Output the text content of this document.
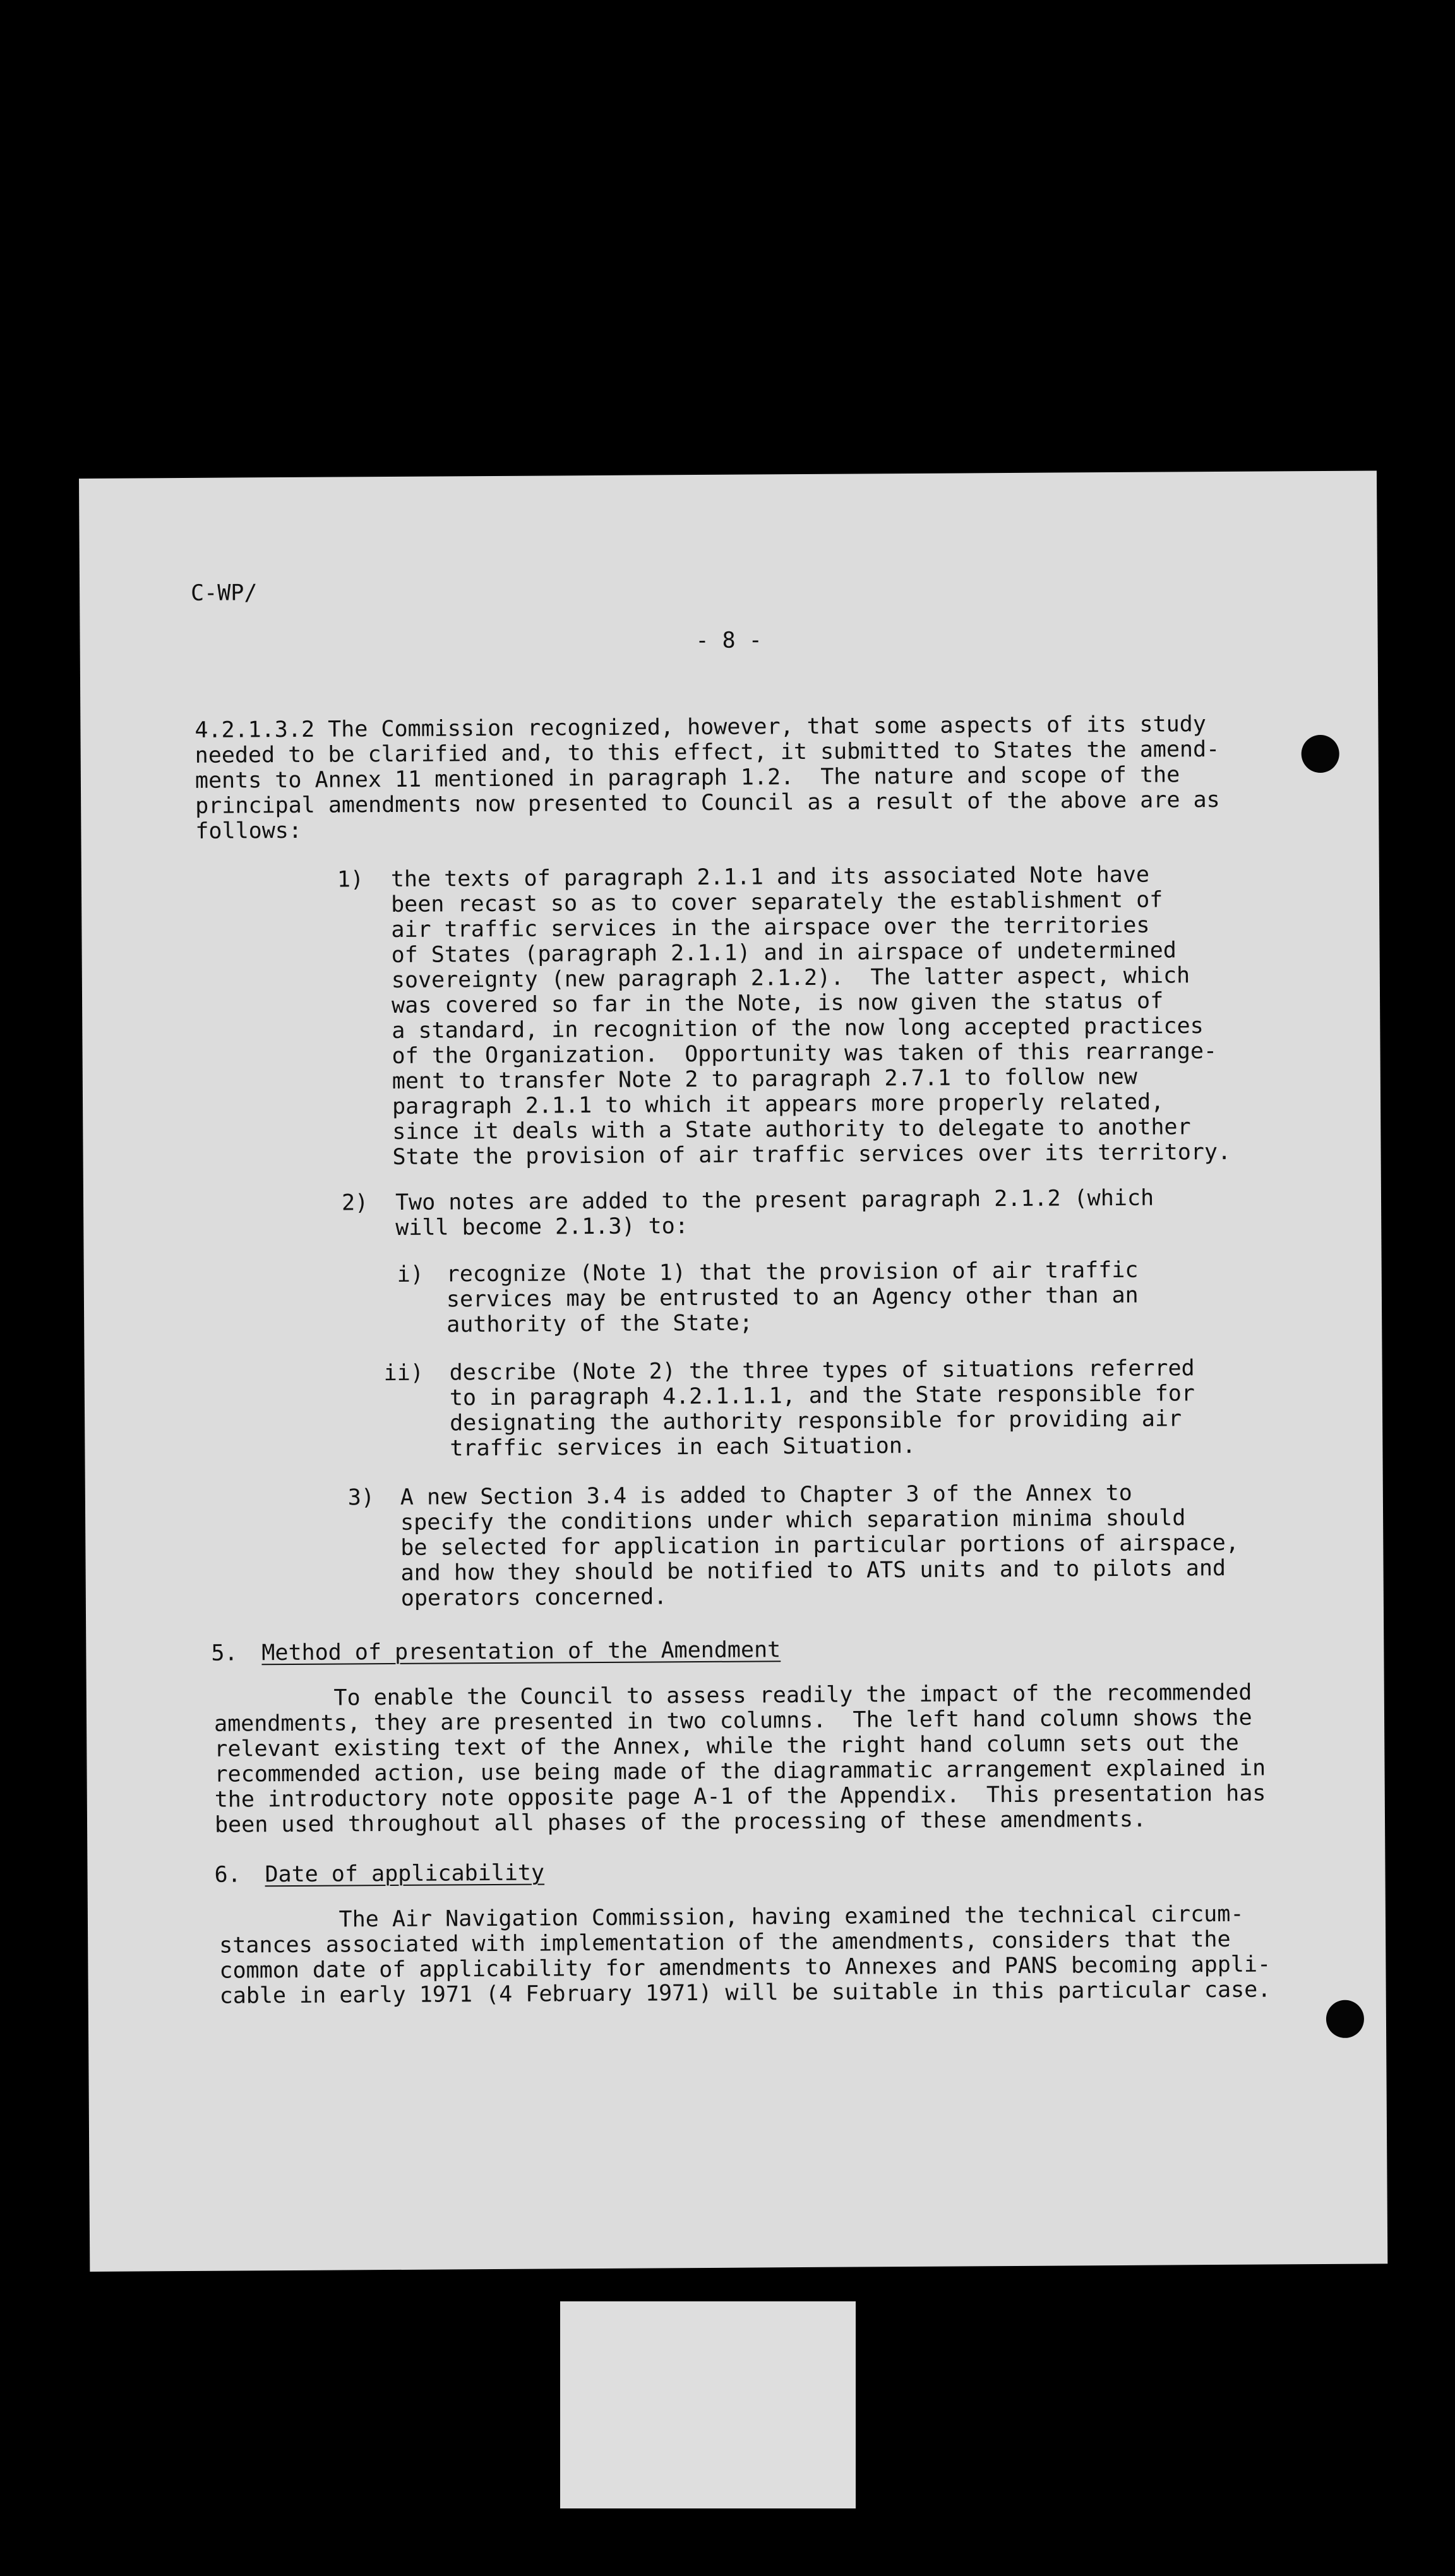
C-WP/
- 8 -
4.2.1.3.2 The Commission recognized, however, that some aspects of its study
needed to be clarified and, to this effect, it submitted to States the amend-
ments to Annex 11 mentioned in paragraph 1.2.  The nature and scope of the
principal amendments now presented to Council as a result of the above are as
follows:
1) the texts of paragraph 2.1.1 and its associated Note have
been recast so as to cover separately the establishment of
air traffic services in the airspace over the territories
of States (paragraph 2.1.1) and in airspace of undetermined
sovereignty (new paragraph 2.1.2).  The latter aspect, which
was covered so far in the Note, is now given the status of
a standard, in recognition of the now long accepted practices
of the Organization.  Opportunity was taken of this rearrange-
ment to transfer Note 2 to paragraph 2.7.1 to follow new
paragraph 2.1.1 to which it appears more properly related,
since it deals with a State authority to delegate to another
State the provision of air traffic services over its territory.
2) Two notes are added to the present paragraph 2.1.2 (which
will become 2.1.3) to:
i) recognize (Note 1) that the provision of air traffic
services may be entrusted to an Agency other than an
authority of the State;
ii) describe (Note 2) the three types of situations referred
to in paragraph 4.2.1.1.1, and the State responsible for
designating the authority responsible for providing air
traffic services in each Situation.
3) A new Section 3.4 is added to Chapter 3 of the Annex to
specify the conditions under which separation minima should
be selected for application in particular portions of airspace,
and how they should be notified to ATS units and to pilots and
operators concerned.

5.

Method of presentation of the Amendment

To enable the Council to assess readily the impact of the recommended
amendments, they are presented in two columns.  The left hand column shows the
relevant existing text of the Annex, while the right hand column sets out the
recommended action, use being made of the diagrammatic arrangement explained in
the introductory note opposite page A-1 of the Appendix.  This presentation has
been used throughout all phases of the processing of these amendments.

6.

Date of applicability

The Air Navigation Commission, having examined the technical circum-
stances associated with implementation of the amendments, considers that the
common date of applicability for amendments to Annexes and PANS becoming appli-
cable in early 1971 (4 February 1971) will be suitable in this particular case.
